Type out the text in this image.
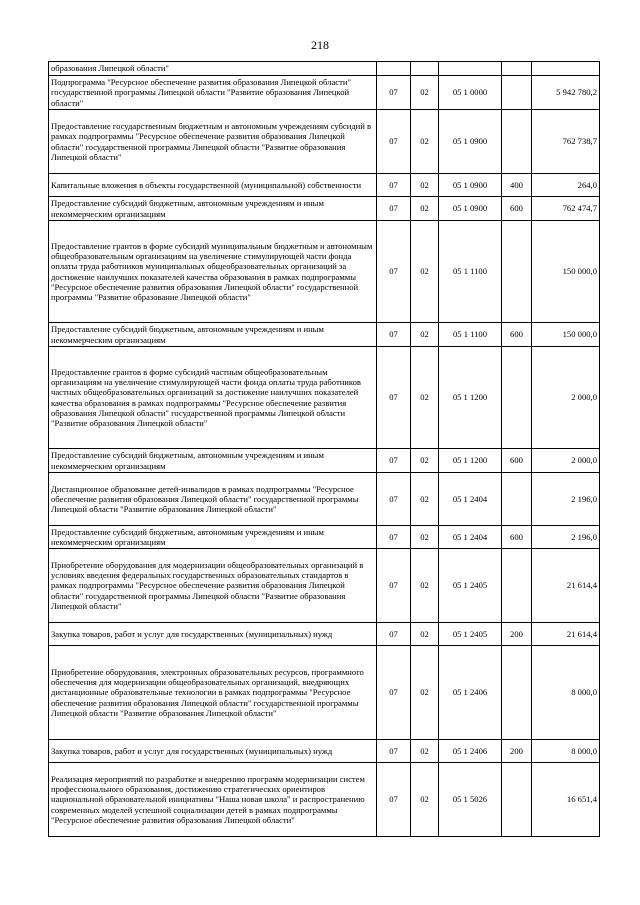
218
образования Липецкой области"					
Подпрограмма "Ресурсное обеспечение развития образования Липецкой области" государственной программы Липецкой области "Развитие образования Липецкой области"	07	02	05 1 0000		5 942 780,2
Предоставление государственным бюджетным и автономным учреждениям субсидий в рамках подпрограммы "Ресурсное обеспечение развития образования Липецкой области" государственной программы Липецкой области "Развитие образования Липецкой области"	07	02	05 1 0900		762 738,7
Капитальные вложения в объекты государственной (муниципальной) собственности	07	02	05 1 0900	400	264,0
Предоставление субсидий бюджетным, автономным учреждениям и иным некоммерческим организациям	07	02	05 1 0900	600	762 474,7
Предоставление грантов в форме субсидий муниципальным бюджетным и автономным общеобразовательным организациям на увеличение стимулирующей части фонда оплаты труда работников муниципальных общеобразовательных организаций за достижение наилучших показателей качества образования в рамках подпрограммы "Ресурсное обеспечение развития образования Липецкой области" государственной программы "Развитие образование Липецкой области"	07	02	05 1 1100		150 000,0
Предоставление субсидий бюджетным, автономным учреждениям и иным некоммерческим организациям	07	02	05 1 1100	600	150 000,0
Предоставление грантов в форме субсидий частным общеобразовательным организациям на увеличение стимулирующей части фонда оплаты труда работников частных общеобразовательных организаций за достижение наилучших показателей качества образования в рамках подпрограммы "Ресурсное обеспечение развития образования Липецкой области" государственной программы Липецкой области "Развитие образования Липецкой области"	07	02	05 1 1200		2 000,0
Предоставление субсидий бюджетным, автономным учреждениям и иным некоммерческим организациям	07	02	05 1 1200	600	2 000,0
Дистанционное образование детей-инвалидов в рамках подпрограммы "Ресурсное обеспечение развития образования Липецкой области" государственной программы Липецкой области "Развитие образования Липецкой области"	07	02	05 1 2404		2 196,0
Предоставление субсидий бюджетным, автономным учреждениям и иным некоммерческим организациям	07	02	05 1 2404	600	2 196,0
Приобретение оборудования для модернизации общеобразовательных организаций в условиях введения федеральных государственных образовательных стандартов в рамках подпрограммы "Ресурсное обеспечение развития образования Липецкой области" государственной программы Липецкой области "Развитие образования Липецкой области"	07	02	05 1 2405		21 614,4
Закупка товаров, работ и услуг для государственных (муниципальных) нужд	07	02	05 1 2405	200	21 614,4
Приобретение оборудования, электронных образовательных ресурсов, программного обеспечения для модернизации общеобразовательных организаций, внедряющих дистанционные образовательные технологии в рамках подпрограммы "Ресурсное обеспечение развития образования Липецкой области" государственной программы Липецкой области "Развитие образования Липецкой области"	07	02	05 1 2406		8 000,0
Закупка товаров, работ и услуг для государственных (муниципальных) нужд	07	02	05 1 2406	200	8 000,0
Реализация мероприятий по разработке и внедрению программ модернизации систем профессионального образования, достижению стратегических ориентиров национальной образовательной инициативы "Наша новая школа" и распространению современных моделей успешной социализации детей в рамках подпрограммы "Ресурсное обеспечение развития образования Липецкой области"	07	02	05 1 5026		16 651,4
